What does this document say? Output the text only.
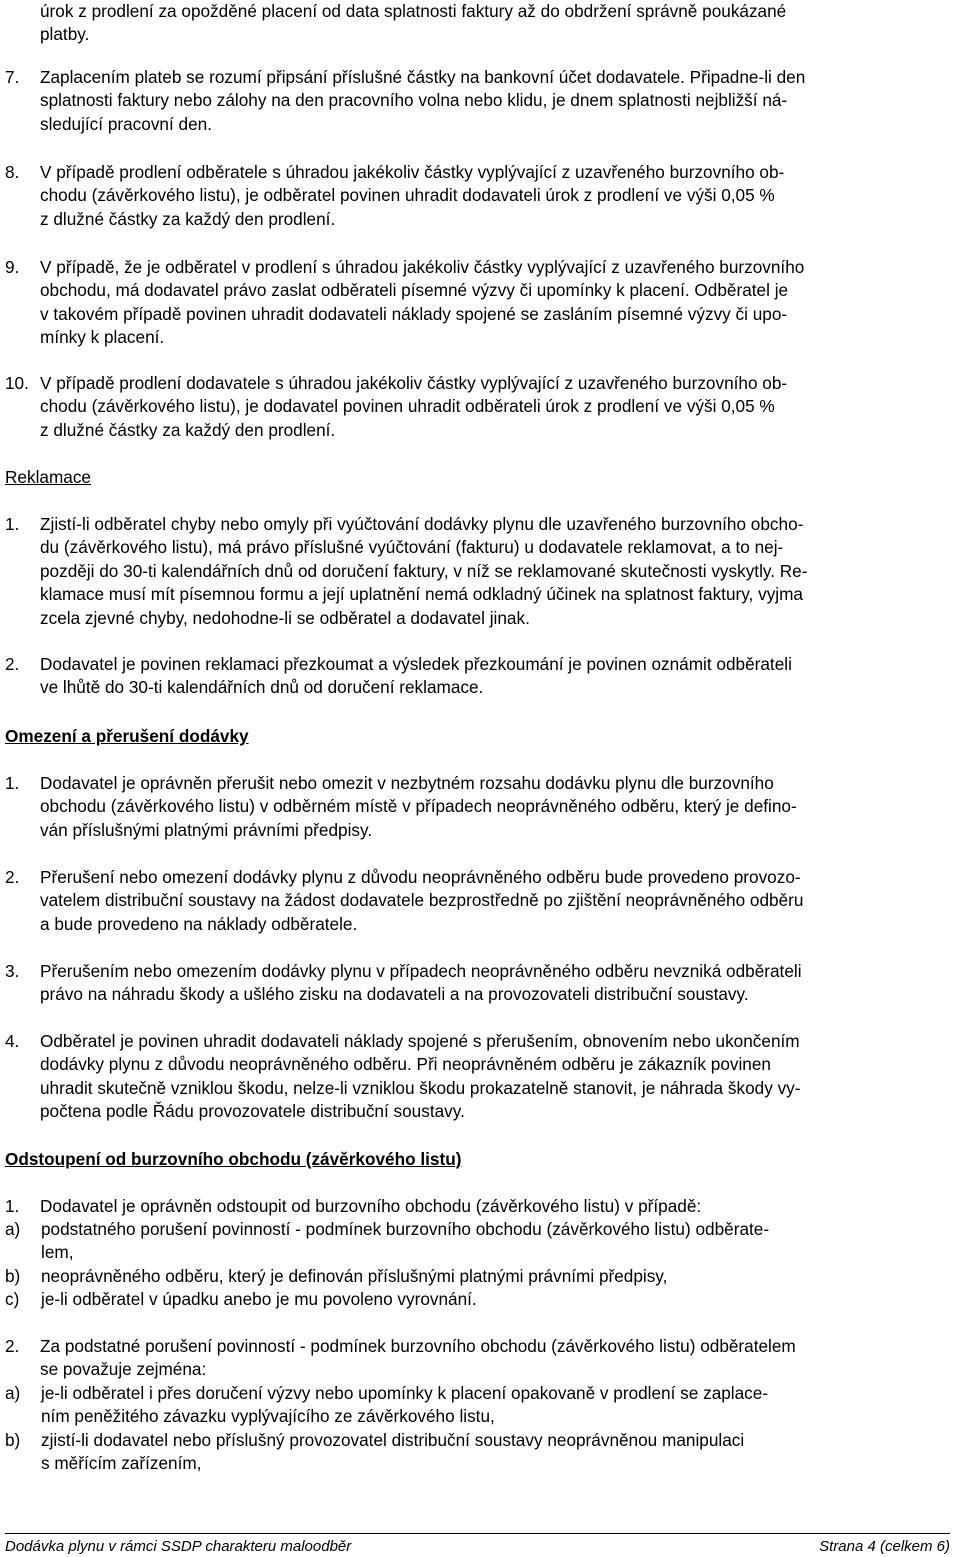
úrok z prodlení za opožděné placení od data splatnosti faktury až do obdržení správně poukázané
platby.
7.	Zaplacením plateb se rozumí připsání příslušné částky na bankovní účet dodavatele. Připadne-li den
splatnosti faktury nebo zálohy na den pracovního volna nebo klidu, je dnem splatnosti nejbližší ná-
sledující pracovní den.
8.	V případě prodlení odběratele s úhradou jakékoliv částky vyplývající z uzavřeného burzovního ob-
chodu (závěrkového listu), je odběratel povinen uhradit dodavateli úrok z prodlení ve výši 0,05 %
z dlužné částky za každý den prodlení.
9.	V případě, že je odběratel v prodlení s úhradou jakékoliv částky vyplývající z uzavřeného burzovního
obchodu, má dodavatel právo zaslat odběrateli písemné výzvy či upomínky k placení. Odběratel je
v takovém případě povinen uhradit dodavateli náklady spojené se zasláním písemné výzvy či upo-
mínky k placení.
10. V případě prodlení dodavatele s úhradou jakékoliv částky vyplývající z uzavřeného burzovního ob-
chodu (závěrkového listu), je dodavatel povinen uhradit odběrateli úrok z prodlení ve výši 0,05 %
z dlužné částky za každý den prodlení.
Reklamace
1.	Zjistí-li odběratel chyby nebo omyly při vyúčtování dodávky plynu dle uzavřeného burzovního obcho-
du (závěrkového listu), má právo příslušné vyúčtování (fakturu) u dodavatele reklamovat, a to nej-
později do 30-ti kalendářních dnů od doručení faktury, v níž se reklamované skutečnosti vyskytly. Re-
klamace musí mít písemnou formu a její uplatnění nemá odkladný účinek na splatnost faktury, vyjma
zcela zjevné chyby, nedohodne-li se odběratel a dodavatel jinak.
2.	Dodavatel je povinen reklamaci přezkoumat a výsledek přezkoumání je povinen oznámit odběrateli
ve lhůtě do 30-ti kalendářních dnů od doručení reklamace.
Omezení a přerušení dodávky
1.	Dodavatel je oprávněn přerušit nebo omezit v nezbytném rozsahu dodávku plynu dle burzovního
obchodu (závěrkového listu) v odběrném místě v případech neoprávněného odběru, který je defino-
ván příslušnými platnými právními předpisy.
2.	Přerušení nebo omezení dodávky plynu z důvodu neoprávněného odběru bude provedeno provozo-
vatelem distribuční soustavy na žádost dodavatele bezprostředně po zjištění neoprávněného odběru
a bude provedeno na náklady odběratele.
3.	Přerušením nebo omezením dodávky plynu v případech neoprávněného odběru nevzniká odběrateli
právo na náhradu škody a ušlého zisku na dodavateli a na provozovateli distribuční soustavy.
4.	Odběratel je povinen uhradit dodavateli náklady spojené s přerušením, obnovením nebo ukončením
dodávky plynu z důvodu neoprávněného odběru. Při neoprávněném odběru je zákazník povinen
uhradit skutečně vzniklou škodu, nelze-li vzniklou škodu prokazatelně stanovit, je náhrada škody vy-
počtena podle Řádu provozovatele distribuční soustavy.
Odstoupení od burzovního obchodu (závěrkového listu)
1.	Dodavatel je oprávněn odstoupit od burzovního obchodu (závěrkového listu) v případě:
a)	podstatného porušení povinností - podmínek burzovního obchodu (závěrkového listu) odběrate-
lem,
b)	neoprávněného odběru, který je definován příslušnými platnými právními předpisy,
c)	je-li odběratel v úpadku anebo je mu povoleno vyrovnání.
2.	Za podstatné porušení povinností - podmínek burzovního obchodu (závěrkového listu) odběratelem
se považuje zejména:
a)	je-li odběratel i přes doručení výzvy nebo upomínky k placení opakovaně v prodlení se zaplace-
ním peněžitého závazku vyplývajícího ze závěrkového listu,
b)	zjistí-li dodavatel nebo příslušný provozovatel distribuční soustavy neoprávněnou manipulaci
s měřícím zařízením,
Dodávka plynu v rámci SSDP charakteru maloodběr	Strana 4 (celkem 6)
